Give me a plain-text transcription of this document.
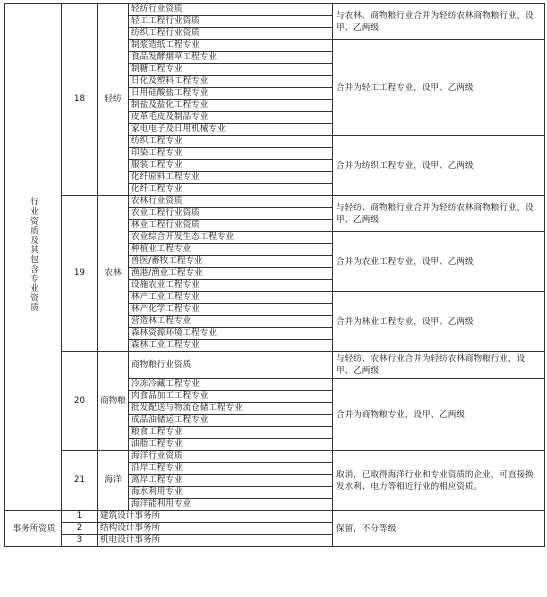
行业资质及其包含专业资质	18	轻纺	轻纺行业资质	与农林、商物粮行业合并为轻纺农林商物粮行业，设甲、乙两级
			轻工工程行业资质	
			纺织工程行业资质	
			制浆造纸工程专业	合并为轻工工程专业，设甲、乙两级
			食品发酵烟草工程专业	
			制糖工程专业	
			日化及塑料工程专业	
			日用硅酸盐工程专业	
			制盐及盐化工程专业	
			皮革毛皮及制品专业	
			家电电子及日用机械专业	
			纺织工程专业	合并为纺织工程专业，设甲、乙两级
			印染工程专业	
			服装工程专业	
			化纤原料工程专业	
			化纤工程专业	
	19	农林	农林行业资质	与轻纺、商物粮行业合并为轻纺农林商物粮行业，设甲、乙两级
			农业工程行业资质	
			林业工程行业资质	
			农业综合开发生态工程专业	合并为农业工程专业，设甲、乙两级
			种植业工程专业	
			兽医/畜牧工程专业	
			渔港/渔业工程专业	
			设施农业工程专业	
			林产工业工程专业	合并为林业工程专业，设甲、乙两级
			林产化学工程专业	
			营造林工程专业	
			森林资源环境工程专业	
			森林工业工程专业	
	20	商物粮	商物粮行业资质	与轻纺、农林行业合并为轻纺农林商物粮行业，设甲、乙两级
			冷冻冷藏工程专业	合并为商物粮专业，设甲、乙两级
			肉食品加工工程专业	
			批发配送与物流仓储工程专业	
			成品油储运工程专业	
			粮食工程专业	
			油脂工程专业	
	21	海洋	海洋行业资质	取消，已取得海洋行业和专业资质的企业，可直接换发水利、电力等相近行业的相应资质。
			沿岸工程专业	
			离岸工程专业	
			海水利用专业	
			海洋能利用专业	
事务所资质	1	建筑设计事务所		保留，不分等级
	2	结构设计事务所		
	3	机电设计事务所		
